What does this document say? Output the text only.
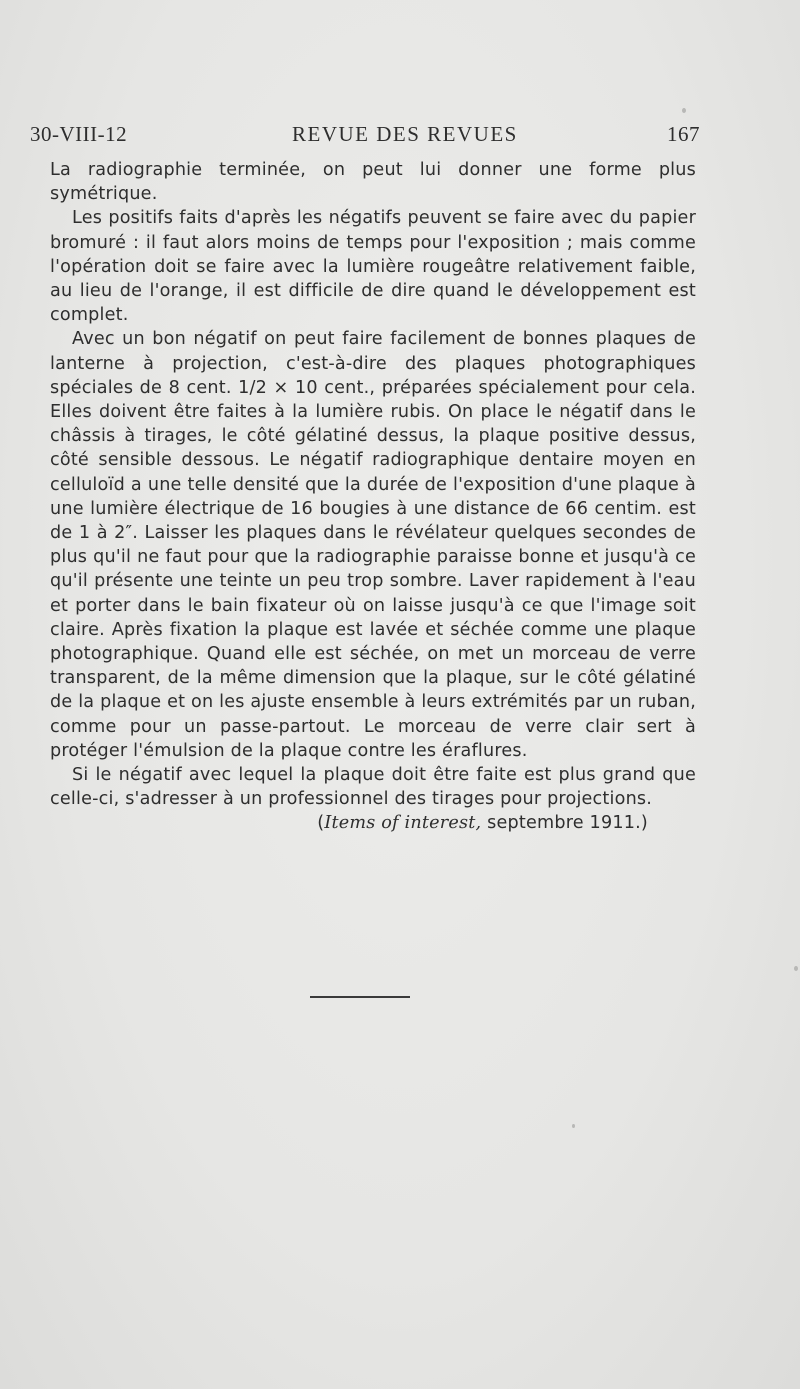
30-VIII-12	REVUE DES REVUES	167

La radiographie terminée, on peut lui donner une forme plus symétrique.

Les positifs faits d'après les négatifs peuvent se faire avec du papier bromuré : il faut alors moins de temps pour l'exposition ; mais comme l'opération doit se faire avec la lumière rougeâtre relativement faible, au lieu de l'orange, il est difficile de dire quand le développement est complet.

Avec un bon négatif on peut faire facilement de bonnes plaques de lanterne à projection, c'est-à-dire des plaques photographiques spéciales de 8 cent. 1/2 × 10 cent., préparées spécialement pour cela. Elles doivent être faites à la lumière rubis. On place le négatif dans le châssis à tirages, le côté gélatiné dessus, la plaque positive dessus, côté sensible dessous. Le négatif radiographique dentaire moyen en celluloïd a une telle densité que la durée de l'exposition d'une plaque à une lumière électrique de 16 bougies à une distance de 66 centim. est de 1 à 2″. Laisser les plaques dans le révélateur quelques secondes de plus qu'il ne faut pour que la radiographie paraisse bonne et jusqu'à ce qu'il présente une teinte un peu trop sombre. Laver rapidement à l'eau et porter dans le bain fixateur où on laisse jusqu'à ce que l'image soit claire. Après fixation la plaque est lavée et séchée comme une plaque photographique. Quand elle est séchée, on met un morceau de verre transparent, de la même dimension que la plaque, sur le côté gélatiné de la plaque et on les ajuste ensemble à leurs extrémités par un ruban, comme pour un passe-partout. Le morceau de verre clair sert à protéger l'émulsion de la plaque contre les éraflures.

Si le négatif avec lequel la plaque doit être faite est plus grand que celle-ci, s'adresser à un professionnel des tirages pour projections.

(Items of interest, septembre 1911.)
